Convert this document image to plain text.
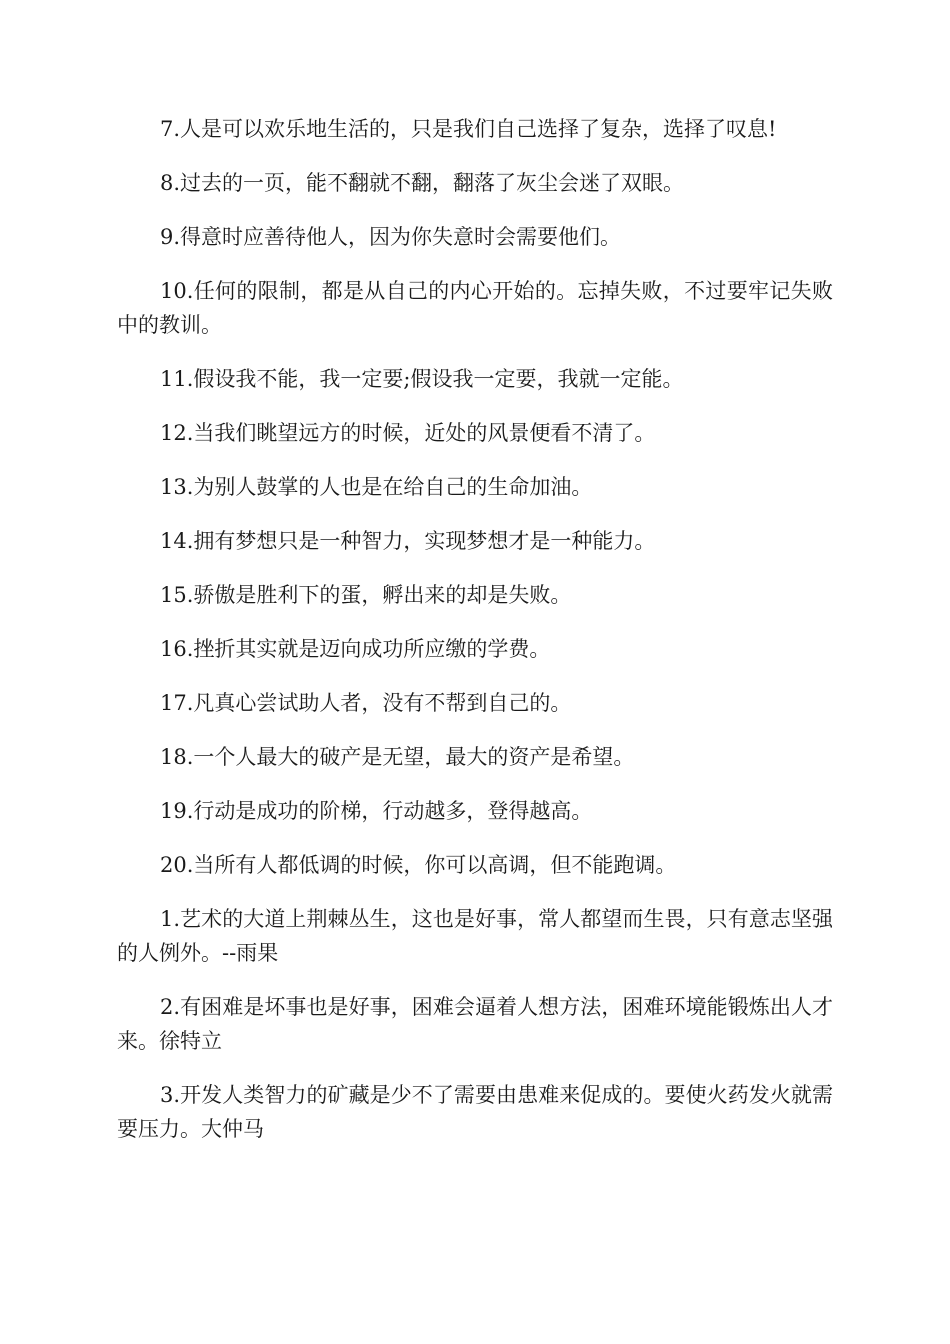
7.人是可以欢乐地生活的，只是我们自己选择了复杂，选择了叹息!

8.过去的一页，能不翻就不翻，翻落了灰尘会迷了双眼。

9.得意时应善待他人，因为你失意时会需要他们。

10.任何的限制，都是从自己的内心开始的。忘掉失败，不过要牢记失败中的教训。

11.假设我不能，我一定要;假设我一定要，我就一定能。

12.当我们眺望远方的时候，近处的风景便看不清了。

13.为别人鼓掌的人也是在给自己的生命加油。

14.拥有梦想只是一种智力，实现梦想才是一种能力。

15.骄傲是胜利下的蛋，孵出来的却是失败。

16.挫折其实就是迈向成功所应缴的学费。

17.凡真心尝试助人者，没有不帮到自己的。

18.一个人最大的破产是无望，最大的资产是希望。

19.行动是成功的阶梯，行动越多，登得越高。

20.当所有人都低调的时候，你可以高调，但不能跑调。

1.艺术的大道上荆棘丛生，这也是好事，常人都望而生畏，只有意志坚强的人例外。--雨果

2.有困难是坏事也是好事，困难会逼着人想方法，困难环境能锻炼出人才来。徐特立

3.开发人类智力的矿藏是少不了需要由患难来促成的。要使火药发火就需要压力。大仲马
